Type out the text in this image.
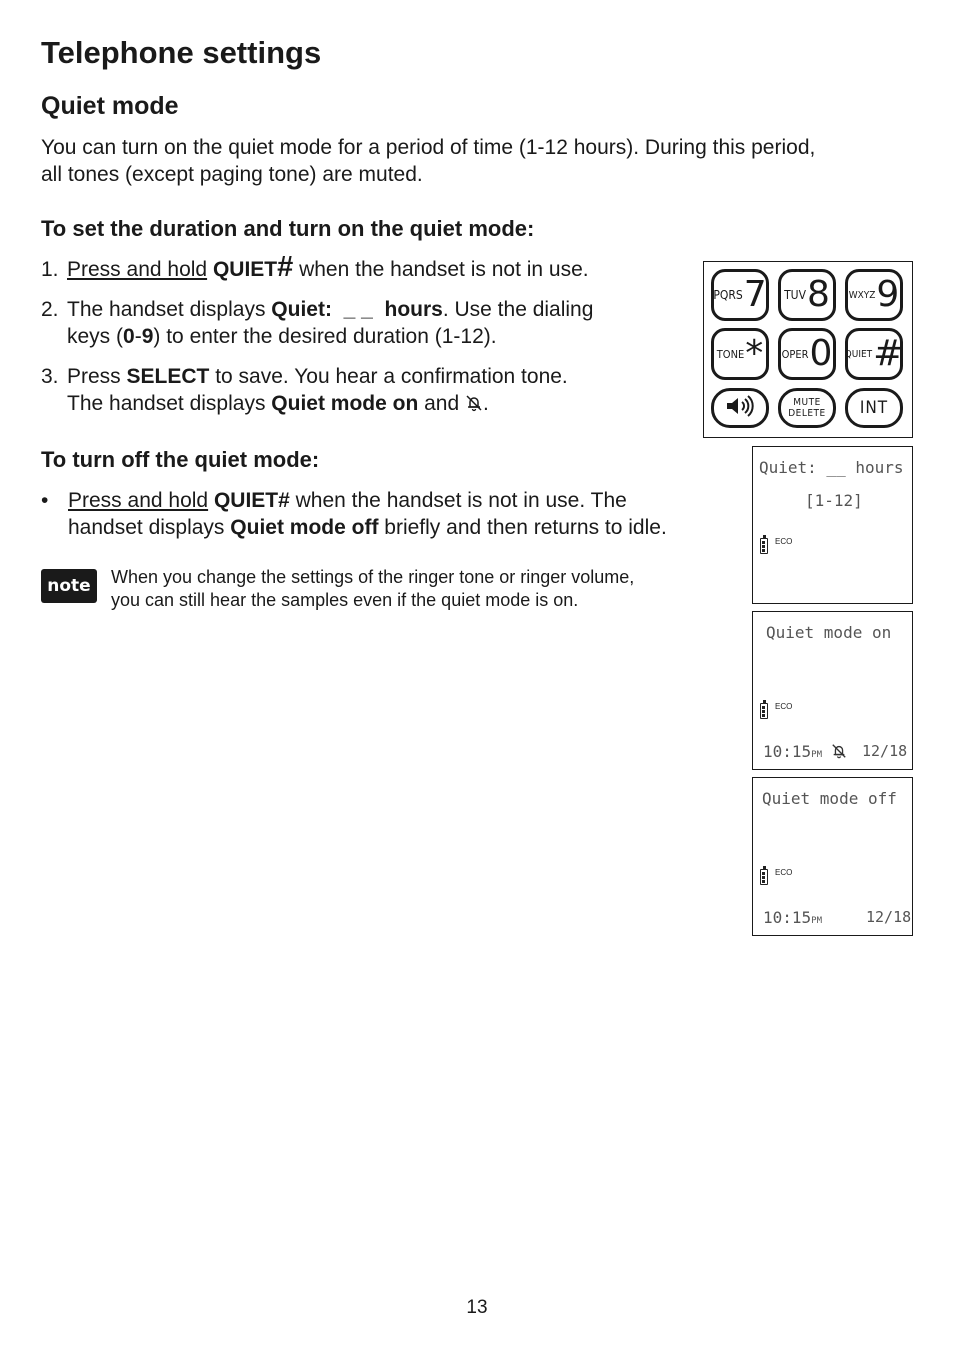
Telephone settings
Quiet mode
You can turn on the quiet mode for a period of time (1-12 hours). During this period,
all tones (except paging tone) are muted.
To set the duration and turn on the quiet mode:
1. Press and hold QUIET# when the handset is not in use.
2. The handset displays Quiet:  _ _  hours. Use the dialing
keys (0-9) to enter the desired duration (1-12).
3. Press SELECT to save. You hear a confirmation tone.
The handset displays Quiet mode on and .
To turn off the quiet mode:
• Press and hold QUIET# when the handset is not in use. The
handset displays Quiet mode off briefly and then returns to idle.
note	When you change the settings of the ringer tone or ringer volume,
you can still hear the samples even if the quiet mode is on.
PQRS 7 TUV 8 WXYZ 9
TONE * OPER 0 QUIET #
MUTE
DELETE INT
Quiet: __ hours
[1-12]
ECO
Quiet mode on
ECO
10:15PM	12/18
Quiet mode off
ECO
10:15PM	12/18
13
